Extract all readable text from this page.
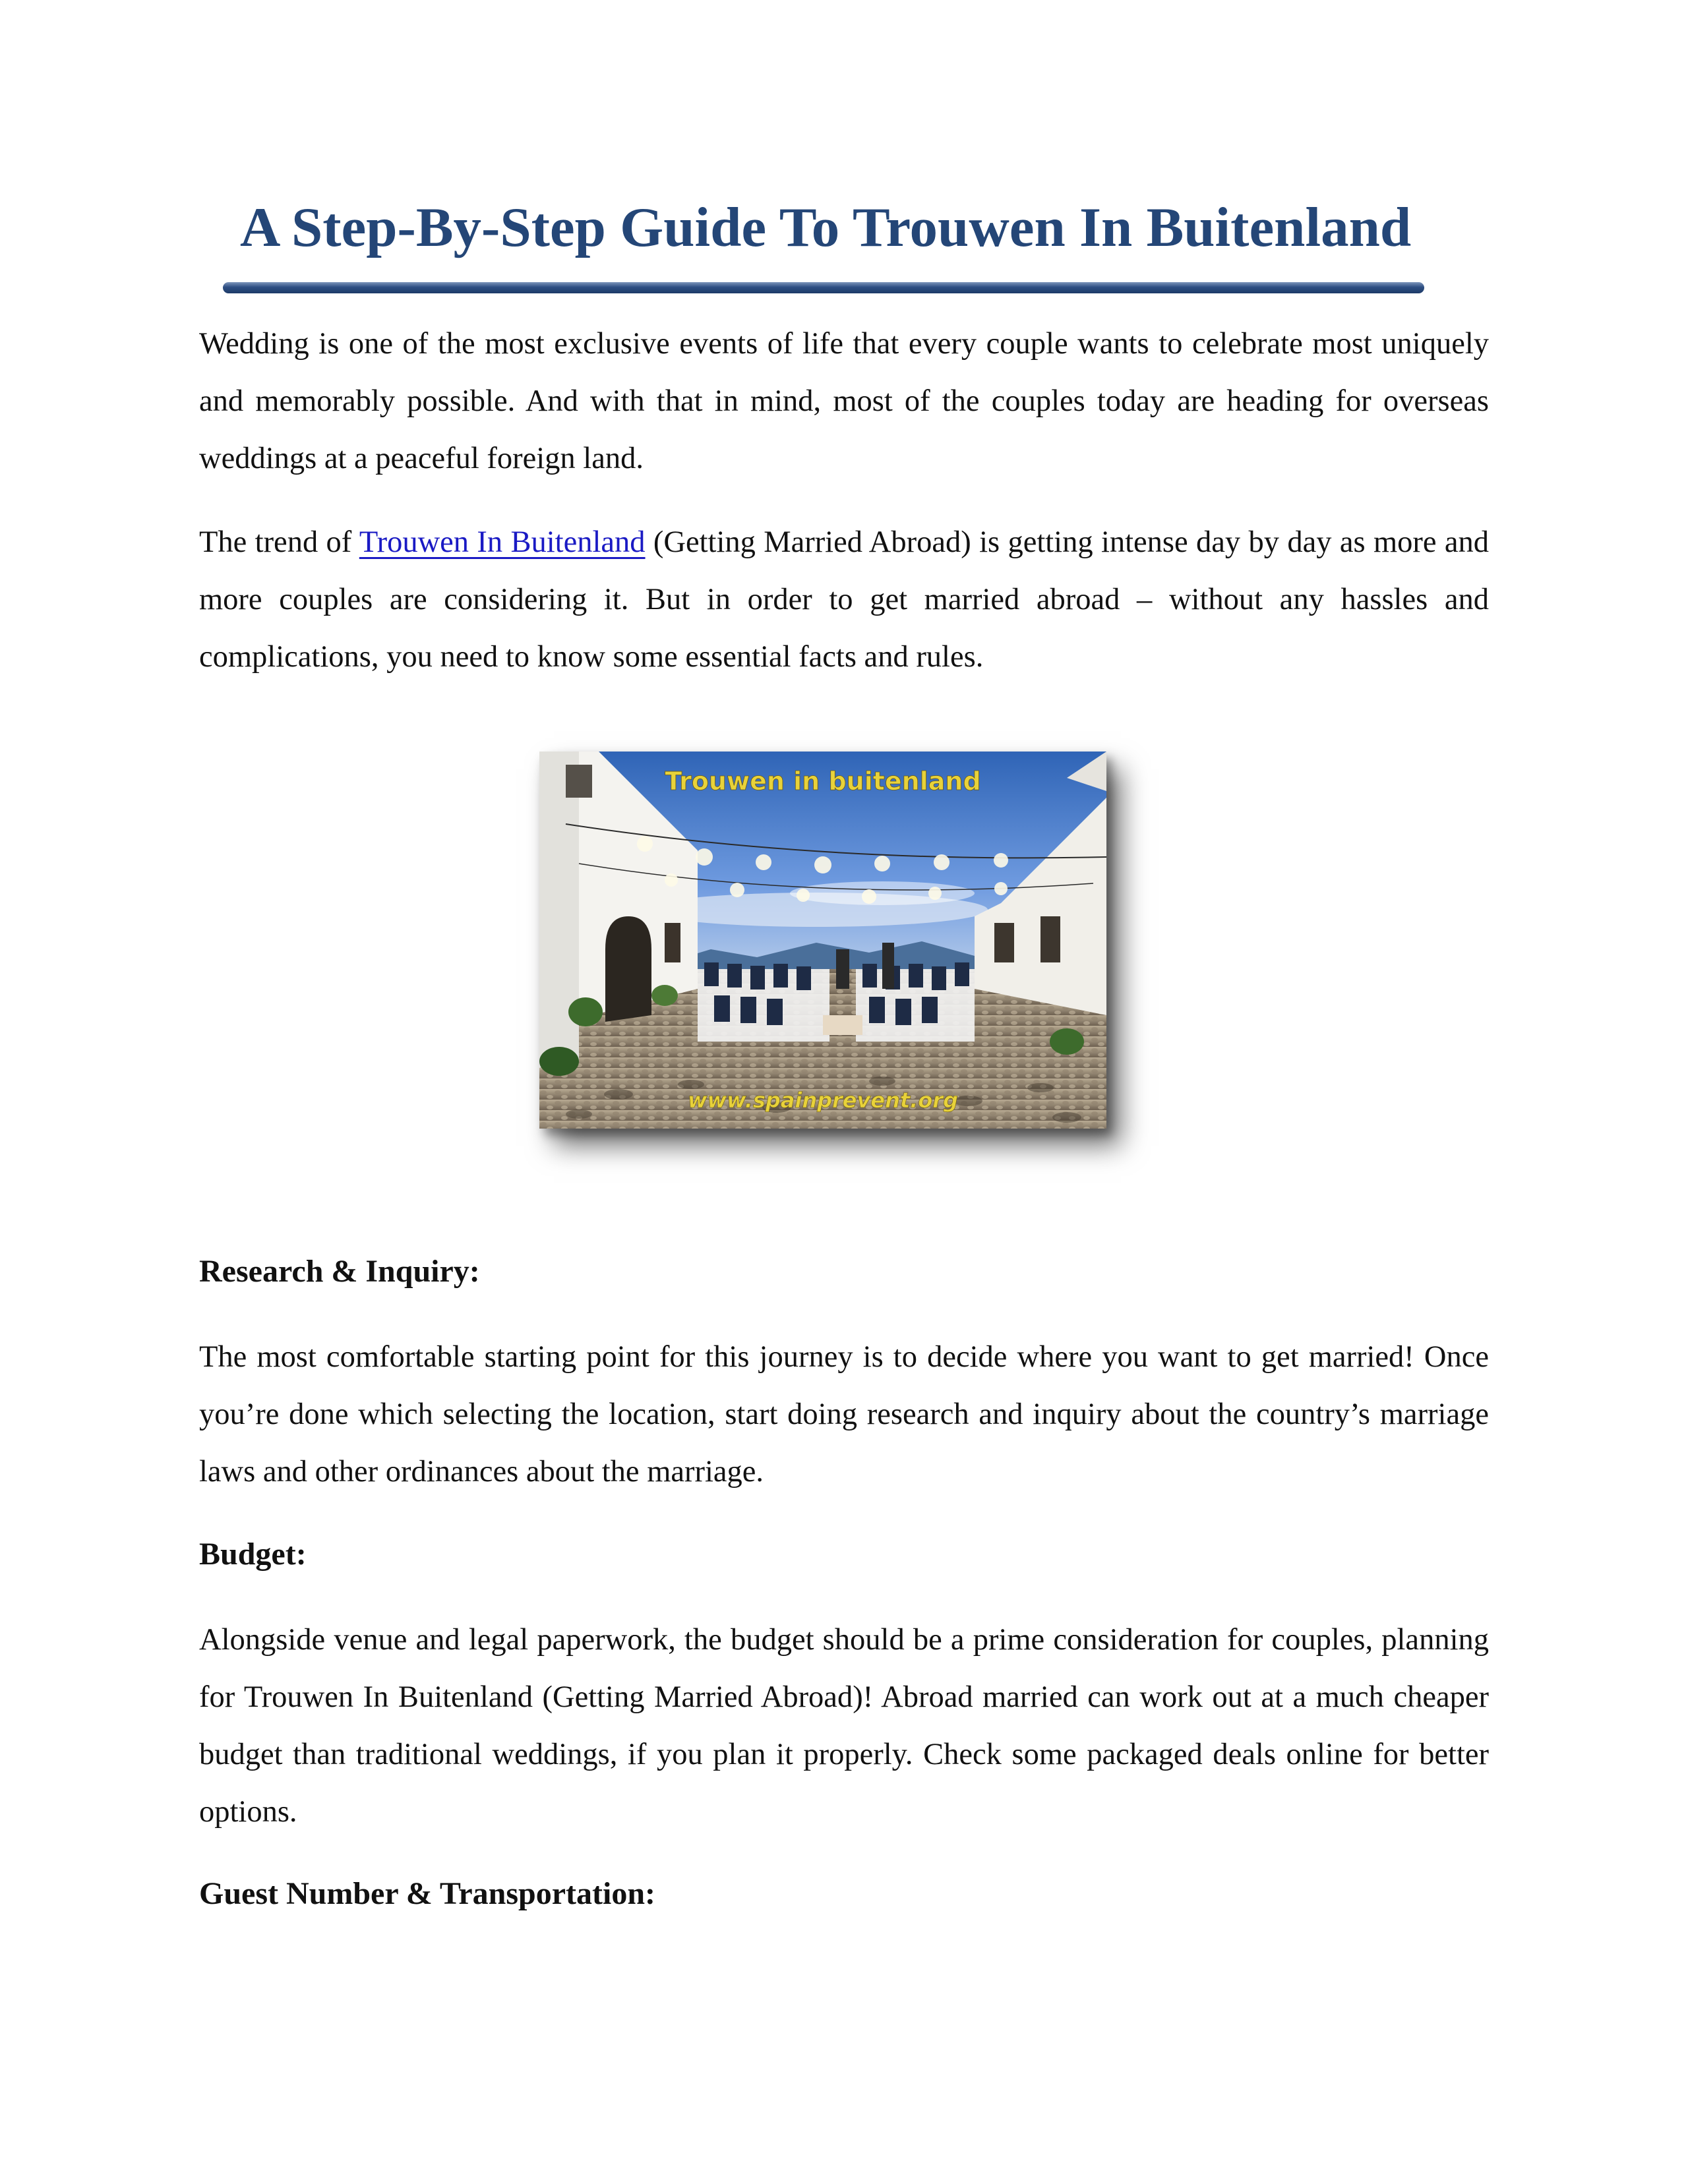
A Step-By-Step Guide To Trouwen In Buitenland

Wedding is one of the most exclusive events of life that every couple wants to celebrate most uniquely and memorably possible. And with that in mind, most of the couples today are heading for overseas weddings at a peaceful foreign land.

The trend of Trouwen In Buitenland (Getting Married Abroad) is getting intense day by day as more and more couples are considering it. But in order to get married abroad – without any hassles and complications, you need to know some essential facts and rules.

Trouwen in buitenland
www.spainprevent.org
Research & Inquiry:

The most comfortable starting point for this journey is to decide where you want to get married! Once you’re done which selecting the location, start doing research and inquiry about the country’s marriage laws and other ordinances about the marriage.

Budget:

Alongside venue and legal paperwork, the budget should be a prime consideration for couples, planning for Trouwen In Buitenland (Getting Married Abroad)! Abroad married can work out at a much cheaper budget than traditional weddings, if you plan it properly. Check some packaged deals online for better options.

Guest Number & Transportation:
